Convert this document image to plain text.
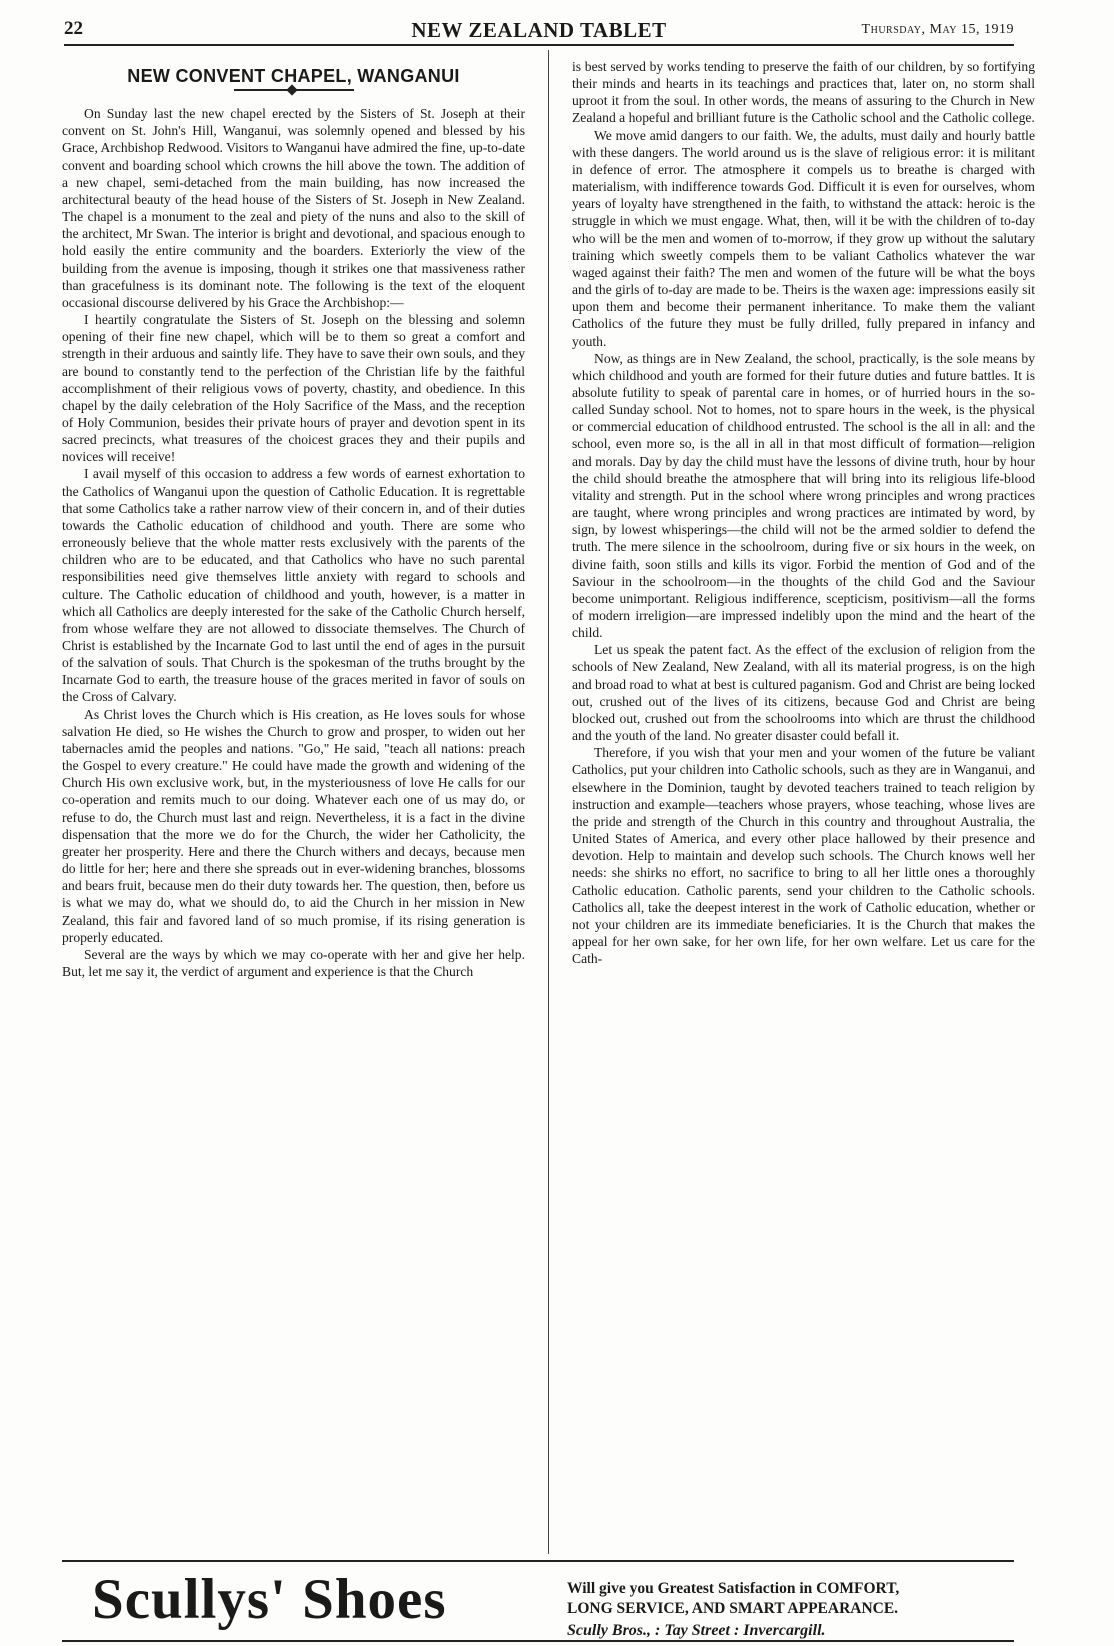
22	NEW ZEALAND TABLET	Thursday, May 15, 1919
NEW CONVENT CHAPEL, WANGANUI

On Sunday last the new chapel erected by the Sisters of St. Joseph at their convent on St. John's Hill, Wanganui, was solemnly opened and blessed by his Grace, Archbishop Redwood. Visitors to Wanganui have admired the fine, up-to-date convent and boarding school which crowns the hill above the town. The addition of a new chapel, semi-detached from the main building, has now increased the architectural beauty of the head house of the Sisters of St. Joseph in New Zealand. The chapel is a monument to the zeal and piety of the nuns and also to the skill of the architect, Mr Swan. The interior is bright and devotional, and spacious enough to hold easily the entire community and the boarders. Exteriorly the view of the building from the avenue is imposing, though it strikes one that massiveness rather than gracefulness is its dominant note. The following is the text of the eloquent occasional discourse delivered by his Grace the Archbishop:—

I heartily congratulate the Sisters of St. Joseph on the blessing and solemn opening of their fine new chapel, which will be to them so great a comfort and strength in their arduous and saintly life. They have to save their own souls, and they are bound to constantly tend to the perfection of the Christian life by the faithful accomplishment of their religious vows of poverty, chastity, and obedience. In this chapel by the daily celebration of the Holy Sacrifice of the Mass, and the reception of Holy Communion, besides their private hours of prayer and devotion spent in its sacred precincts, what treasures of the choicest graces they and their pupils and novices will receive!

I avail myself of this occasion to address a few words of earnest exhortation to the Catholics of Wanganui upon the question of Catholic Education. It is regrettable that some Catholics take a rather narrow view of their concern in, and of their duties towards the Catholic education of childhood and youth. There are some who erroneously believe that the whole matter rests exclusively with the parents of the children who are to be educated, and that Catholics who have no such parental responsibilities need give themselves little anxiety with regard to schools and culture. The Catholic education of childhood and youth, however, is a matter in which all Catholics are deeply interested for the sake of the Catholic Church herself, from whose welfare they are not allowed to dissociate themselves. The Church of Christ is established by the Incarnate God to last until the end of ages in the pursuit of the salvation of souls. That Church is the spokesman of the truths brought by the Incarnate God to earth, the treasure house of the graces merited in favor of souls on the Cross of Calvary.

As Christ loves the Church which is His creation, as He loves souls for whose salvation He died, so He wishes the Church to grow and prosper, to widen out her tabernacles amid the peoples and nations. "Go," He said, "teach all nations: preach the Gospel to every creature." He could have made the growth and widening of the Church His own exclusive work, but, in the mysteriousness of love He calls for our co-operation and remits much to our doing. Whatever each one of us may do, or refuse to do, the Church must last and reign. Nevertheless, it is a fact in the divine dispensation that the more we do for the Church, the wider her Catholicity, the greater her prosperity. Here and there the Church withers and decays, because men do little for her; here and there she spreads out in ever-widening branches, blossoms and bears fruit, because men do their duty towards her. The question, then, before us is what we may do, what we should do, to aid the Church in her mission in New Zealand, this fair and favored land of so much promise, if its rising generation is properly educated.

Several are the ways by which we may co-operate with her and give her help. But, let me say it, the verdict of argument and experience is that the Church

is best served by works tending to preserve the faith of our children, by so fortifying their minds and hearts in its teachings and practices that, later on, no storm shall uproot it from the soul. In other words, the means of assuring to the Church in New Zealand a hopeful and brilliant future is the Catholic school and the Catholic college.

We move amid dangers to our faith. We, the adults, must daily and hourly battle with these dangers. The world around us is the slave of religious error: it is militant in defence of error. The atmosphere it compels us to breathe is charged with materialism, with indifference towards God. Difficult it is even for ourselves, whom years of loyalty have strengthened in the faith, to withstand the attack: heroic is the struggle in which we must engage. What, then, will it be with the children of to-day who will be the men and women of to-morrow, if they grow up without the salutary training which sweetly compels them to be valiant Catholics whatever the war waged against their faith? The men and women of the future will be what the boys and the girls of to-day are made to be. Theirs is the waxen age: impressions easily sit upon them and become their permanent inheritance. To make them the valiant Catholics of the future they must be fully drilled, fully prepared in infancy and youth.

Now, as things are in New Zealand, the school, practically, is the sole means by which childhood and youth are formed for their future duties and future battles. It is absolute futility to speak of parental care in homes, or of hurried hours in the so-called Sunday school. Not to homes, not to spare hours in the week, is the physical or commercial education of childhood entrusted. The school is the all in all: and the school, even more so, is the all in all in that most difficult of formation—religion and morals. Day by day the child must have the lessons of divine truth, hour by hour the child should breathe the atmosphere that will bring into its religious life-blood vitality and strength. Put in the school where wrong principles and wrong practices are taught, where wrong principles and wrong practices are intimated by word, by sign, by lowest whisperings—the child will not be the armed soldier to defend the truth. The mere silence in the schoolroom, during five or six hours in the week, on divine faith, soon stills and kills its vigor. Forbid the mention of God and of the Saviour in the schoolroom—in the thoughts of the child God and the Saviour become unimportant. Religious indifference, scepticism, positivism—all the forms of modern irreligion—are impressed indelibly upon the mind and the heart of the child.

Let us speak the patent fact. As the effect of the exclusion of religion from the schools of New Zealand, New Zealand, with all its material progress, is on the high and broad road to what at best is cultured paganism. God and Christ are being locked out, crushed out of the lives of its citizens, because God and Christ are being blocked out, crushed out from the schoolrooms into which are thrust the childhood and the youth of the land. No greater disaster could befall it.

Therefore, if you wish that your men and your women of the future be valiant Catholics, put your children into Catholic schools, such as they are in Wanganui, and elsewhere in the Dominion, taught by devoted teachers trained to teach religion by instruction and example—teachers whose prayers, whose teaching, whose lives are the pride and strength of the Church in this country and throughout Australia, the United States of America, and every other place hallowed by their presence and devotion. Help to maintain and develop such schools. The Church knows well her needs: she shirks no effort, no sacrifice to bring to all her little ones a thoroughly Catholic education. Catholic parents, send your children to the Catholic schools. Catholics all, take the deepest interest in the work of Catholic education, whether or not your children are its immediate beneficiaries. It is the Church that makes the appeal for her own sake, for her own life, for her own welfare. Let us care for the Cath-

Scullys' Shoes	Will give you Greatest Satisfaction in COMFORT,
LONG SERVICE, AND SMART APPEARANCE.
Scully Bros., : Tay Street : Invercargill.
